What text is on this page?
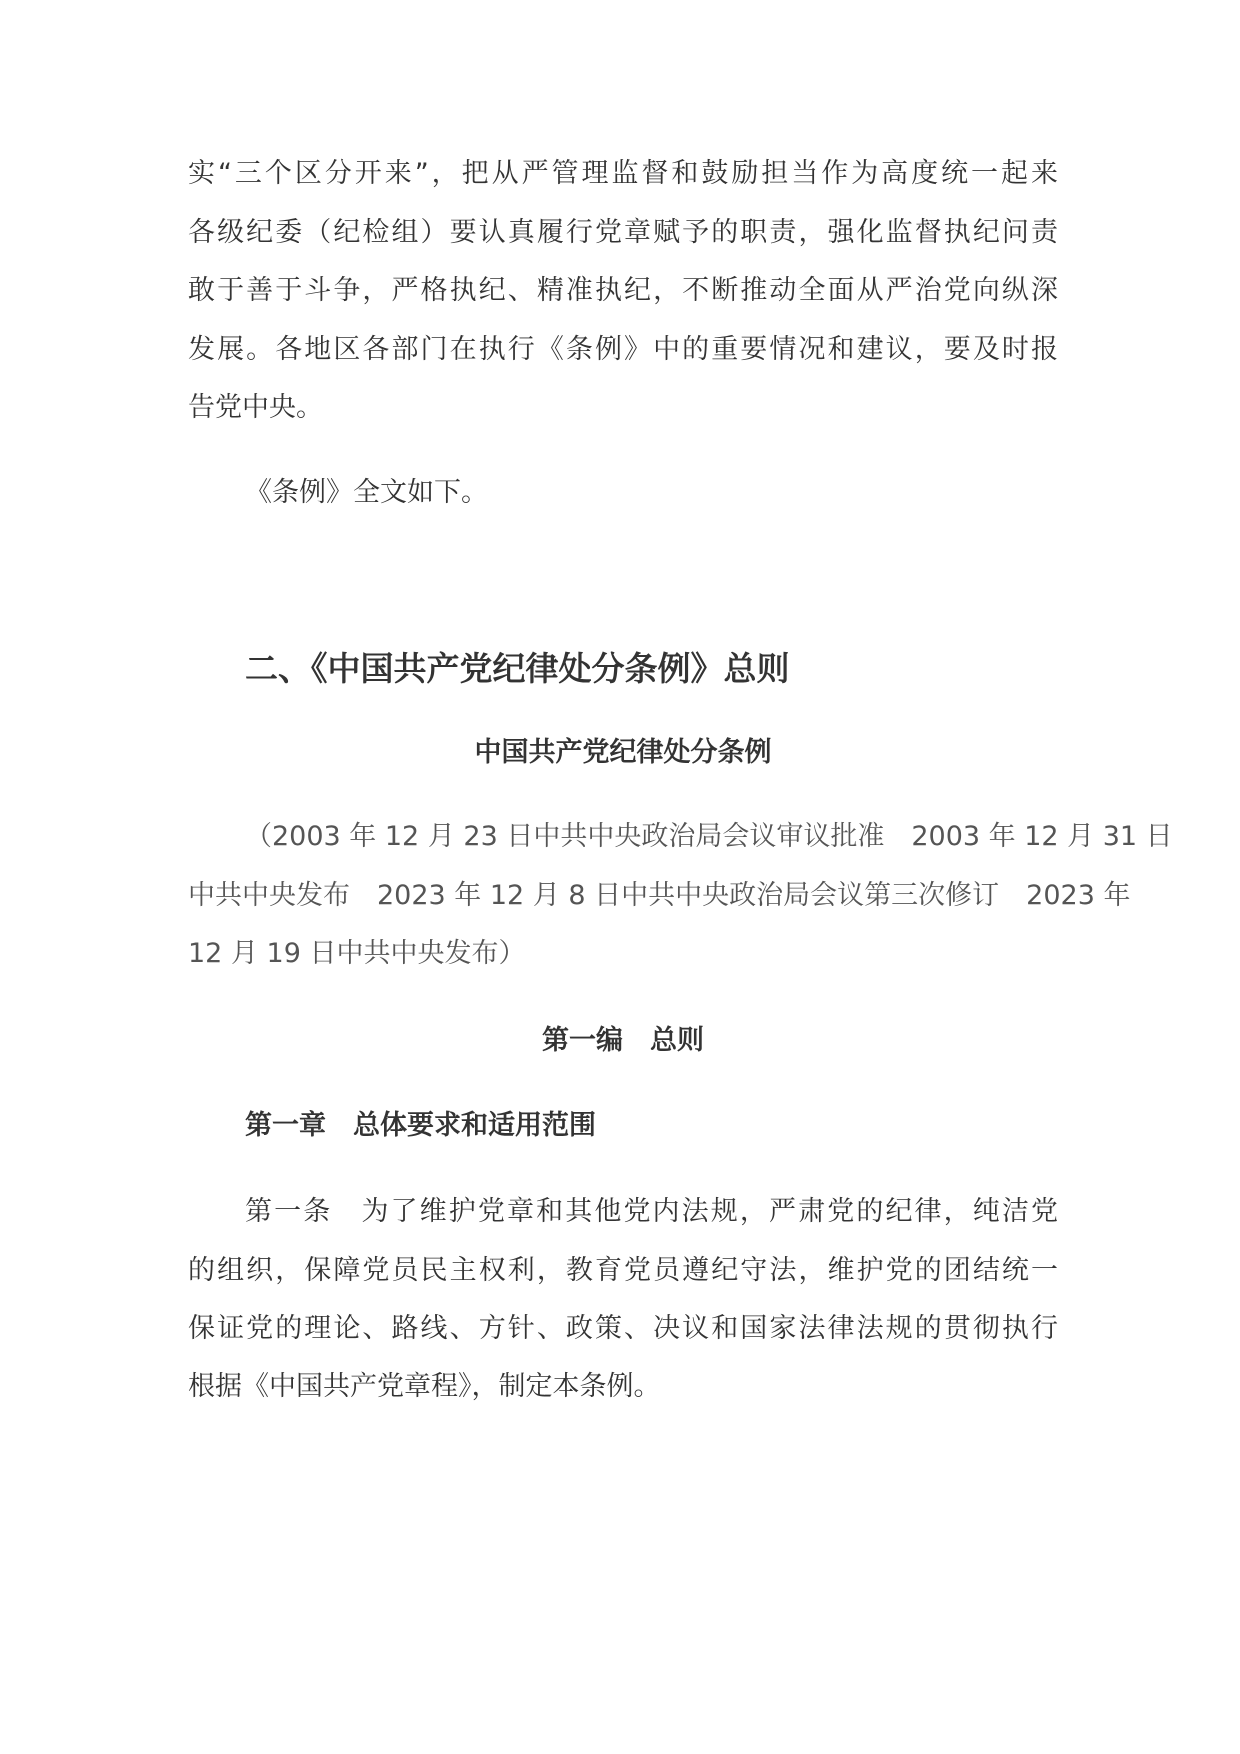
实“三个区分开来”，把从严管理监督和鼓励担当作为高度统一起来
各级纪委（纪检组）要认真履行党章赋予的职责，强化监督执纪问责
敢于善于斗争，严格执纪、精准执纪，不断推动全面从严治党向纵深
发展。各地区各部门在执行《条例》中的重要情况和建议，要及时报
告党中央。
《条例》全文如下。
二、《中国共产党纪律处分条例》总则
中国共产党纪律处分条例
（2003 年 12 月 23 日中共中央政治局会议审议批准　2003 年 12 月 31 日
中共中央发布　2023 年 12 月 8 日中共中央政治局会议第三次修订　2023 年
12 月 19 日中共中央发布）
第一编　总则
第一章　总体要求和适用范围
第一条　为了维护党章和其他党内法规，严肃党的纪律，纯洁党
的组织，保障党员民主权利，教育党员遵纪守法，维护党的团结统一
保证党的理论、路线、方针、政策、决议和国家法律法规的贯彻执行
根据《中国共产党章程》，制定本条例。
